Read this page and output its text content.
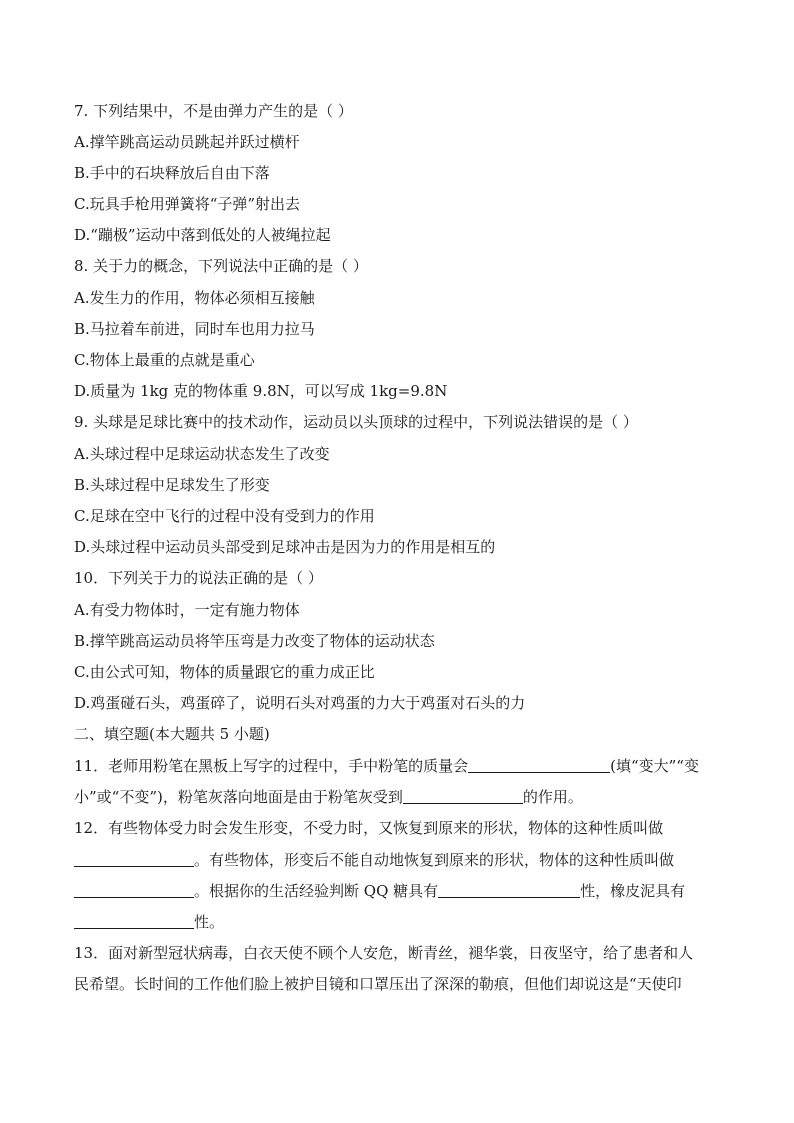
7. 下列结果中，不是由弹力产生的是（ ）
A.撑竿跳高运动员跳起并跃过横杆
B.手中的石块释放后自由下落
C.玩具手枪用弹簧将“子弹”射出去
D.“蹦极”运动中落到低处的人被绳拉起
8. 关于力的概念，下列说法中正确的是（ ）
A.发生力的作用，物体必须相互接触
B.马拉着车前进，同时车也用力拉马
C.物体上最重的点就是重心
D.质量为 1kg 克的物体重 9.8N，可以写成 1kg=9.8N
9. 头球是足球比赛中的技术动作，运动员以头顶球的过程中，下列说法错误的是（ ）
A.头球过程中足球运动状态发生了改变
B.头球过程中足球发生了形变
C.足球在空中飞行的过程中没有受到力的作用
D.头球过程中运动员头部受到足球冲击是因为力的作用是相互的
10．下列关于力的说法正确的是（ ）
A.有受力物体时，一定有施力物体
B.撑竿跳高运动员将竿压弯是力改变了物体的运动状态
C.由公式可知，物体的质量跟它的重力成正比
D.鸡蛋碰石头，鸡蛋碎了，说明石头对鸡蛋的力大于鸡蛋对石头的力
二、填空题(本大题共 5 小题)
11．老师用粉笔在黑板上写字的过程中，手中粉笔的质量会	(填“变大”“变
小”或“不变”)，粉笔灰落向地面是由于粉笔灰受到	的作用。
12．有些物体受力时会发生形变，不受力时，又恢复到原来的形状，物体的这种性质叫做
。有些物体，形变后不能自动地恢复到原来的形状，物体的这种性质叫做
。根据你的生活经验判断 QQ 糖具有	性，橡皮泥具有
性。
13．面对新型冠状病毒，白衣天使不顾个人安危，断青丝，褪华裳，日夜坚守，给了患者和人
民希望。长时间的工作他们脸上被护目镜和口罩压出了深深的勒痕，但他们却说这是“天使印
